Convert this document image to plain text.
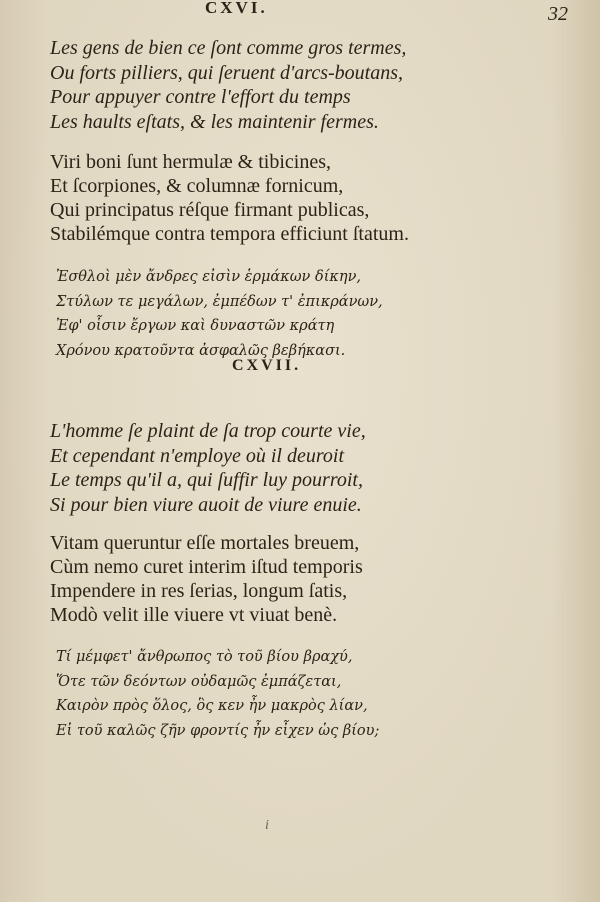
CXVI.	32
Les gens de bien ce ſont comme gros termes,
Ou forts pilliers, qui ſeruent d'arcs-boutans,
Pour appuyer contre l'effort du temps
Les haults eſtats, & les maintenir fermes.
Viri boni ſunt hermulæ & tibicines,
Et ſcorpiones, & columnæ fornicum,
Qui principatus réſque firmant publicas,
Stabilémque contra tempora efficiunt ſtatum.
Ἐσθλοὶ μὲν ἄνδρες εἰσὶν ἑρμάκων δίκην,
Στύλων τε μεγάλων, ἐμπέδων τ' ἐπικράνων,
Ἐφ' οἷσιν ἔργων καὶ δυναστῶν κράτη
Χρόνου κρατοῦντα ἀσφαλῶς βεβήκασι.
CXVII.
L'homme ſe plaint de ſa trop courte vie,
Et cependant n'employe où il deuroit
Le temps qu'il a, qui ſuffir luy pourroit,
Si pour bien viure auoit de viure enuie.
Vitam queruntur eſſe mortales breuem,
Cùm nemo curet interim iſtud temporis
Impendere in res ſerias, longum ſatis,
Modò velit ille viuere vt viuat benè.
Τί μέμφετ' ἄνθρωπος τὸ τοῦ βίου βραχύ,
Ὅτε τῶν δεόντων οὐδαμῶς ἐμπάζεται,
Καιρὸν πρὸς ὅλος, ὃς κεν ἦν μακρὸς λίαν,
Εἰ τοῦ καλῶς ζῆν φροντίς ἦν εἶχεν ὡς βίου;
i
